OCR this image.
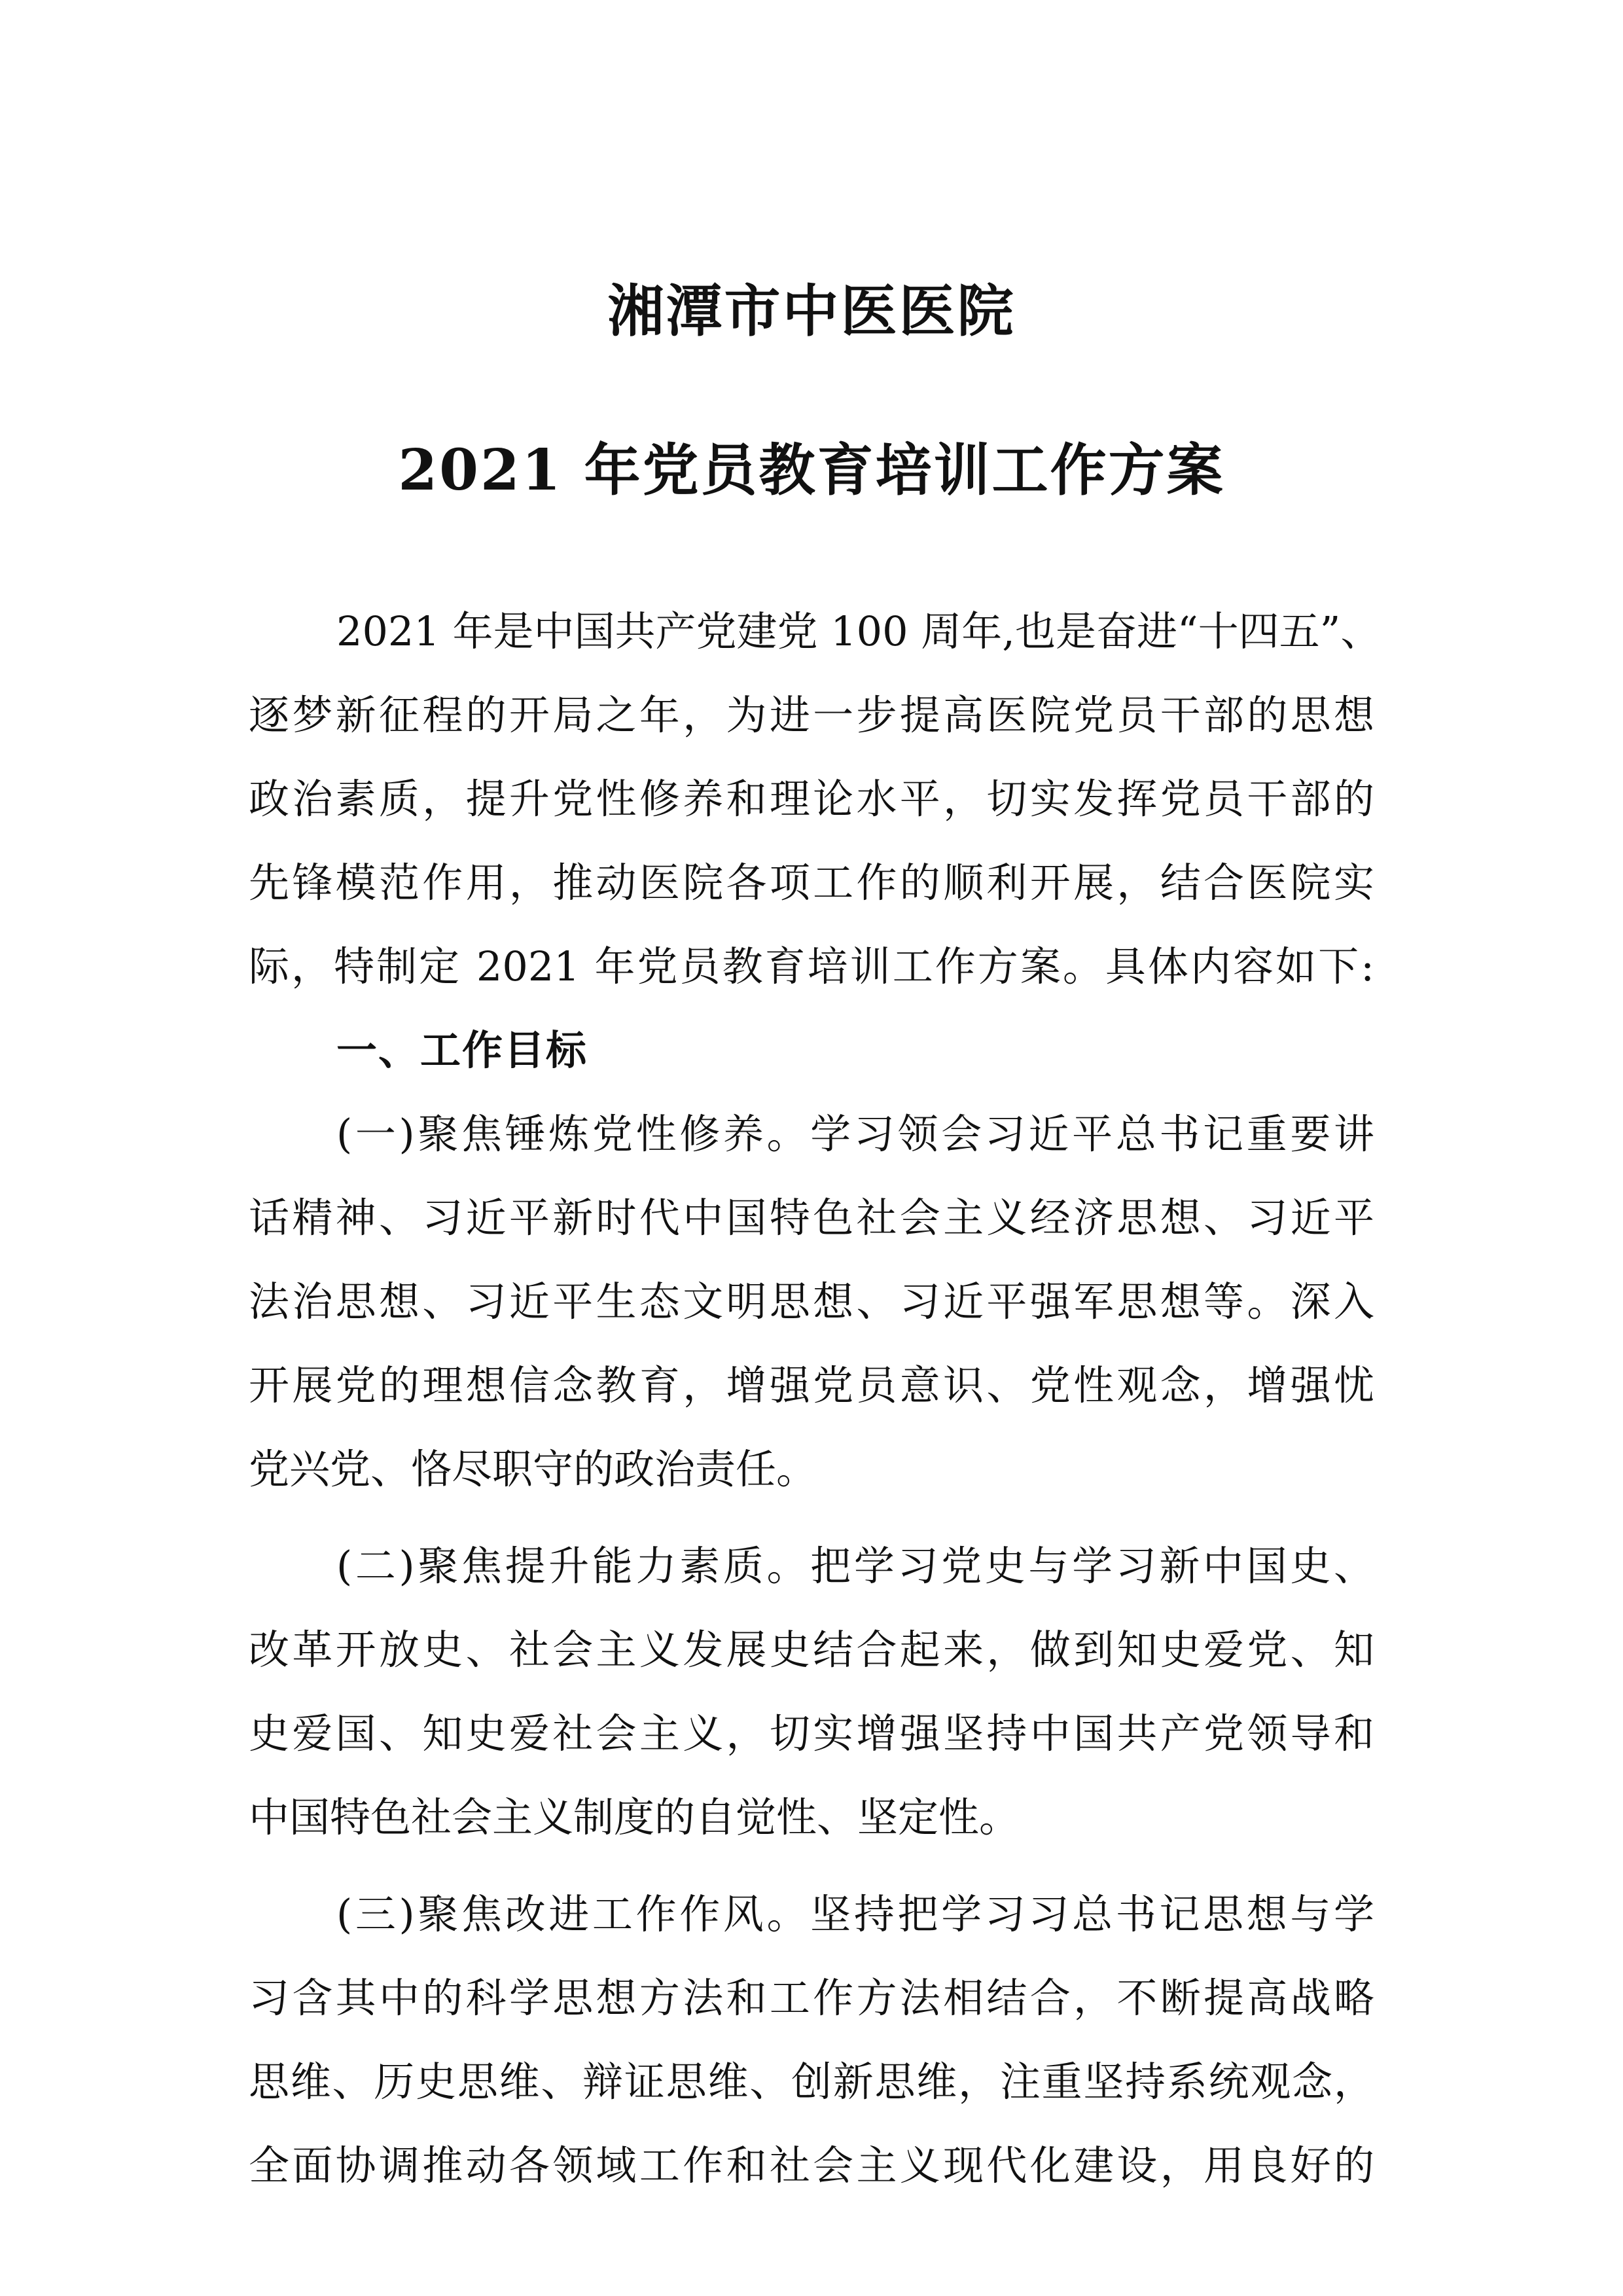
湘潭市中医医院
2021 年党员教育培训工作方案
2021 年是中国共产党建党 100 周年,也是奋进“十四五”、
逐梦新征程的开局之年，为进一步提高医院党员干部的思想
政治素质，提升党性修养和理论水平，切实发挥党员干部的
先锋模范作用，推动医院各项工作的顺利开展，结合医院实
际，特制定 2021 年党员教育培训工作方案。具体内容如下:
一、工作目标
(一)聚焦锤炼党性修养。学习领会习近平总书记重要讲
话精神、习近平新时代中国特色社会主义经济思想、习近平
法治思想、习近平生态文明思想、习近平强军思想等。深入
开展党的理想信念教育，增强党员意识、党性观念，增强忧
党兴党、恪尽职守的政治责任。
(二)聚焦提升能力素质。把学习党史与学习新中国史、
改革开放史、社会主义发展史结合起来，做到知史爱党、知
史爱国、知史爱社会主义，切实增强坚持中国共产党领导和
中国特色社会主义制度的自觉性、坚定性。
(三)聚焦改进工作作风。坚持把学习习总书记思想与学
习含其中的科学思想方法和工作方法相结合，不断提高战略
思维、历史思维、辩证思维、创新思维，注重坚持系统观念，
全面协调推动各领域工作和社会主义现代化建设，用良好的
